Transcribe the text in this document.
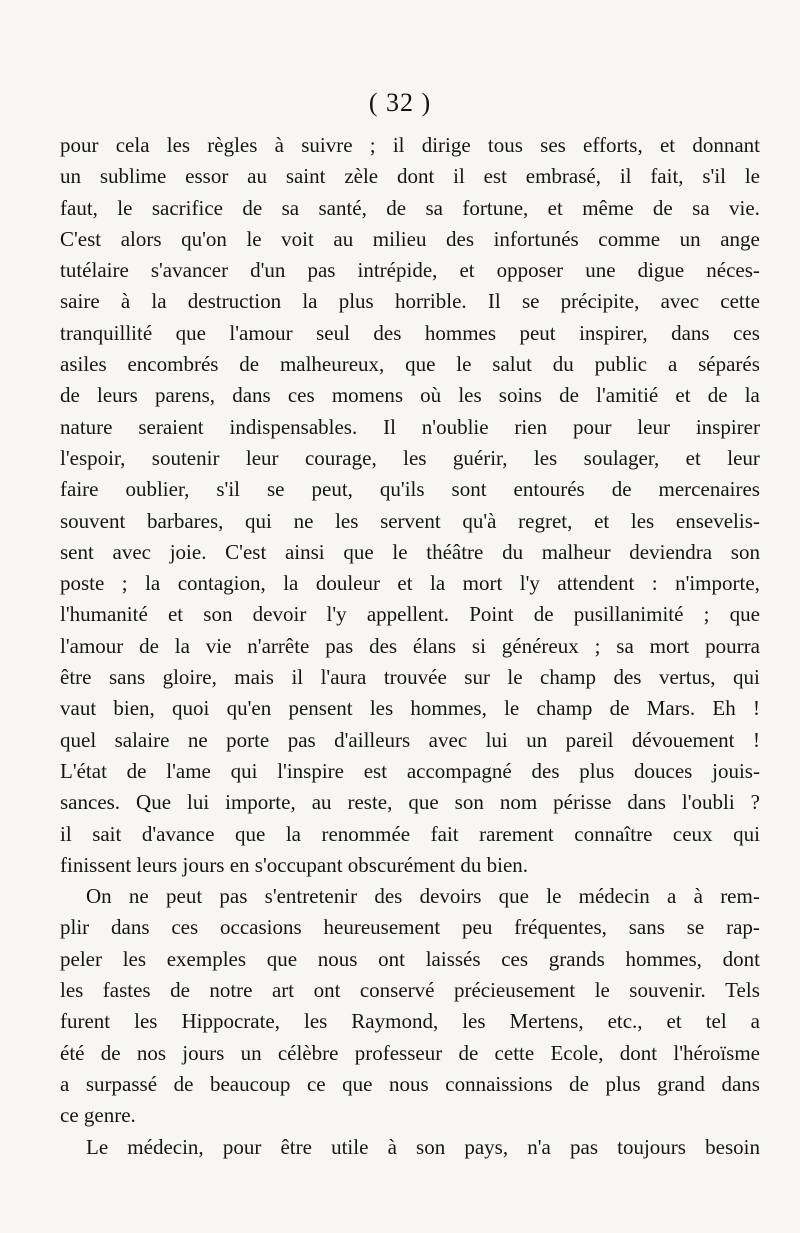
( 32 )
pour cela les règles à suivre ; il dirige tous ses efforts, et donnant
un sublime essor au saint zèle dont il est embrasé, il fait, s'il le
faut, le sacrifice de sa santé, de sa fortune, et même de sa vie.
C'est alors qu'on le voit au milieu des infortunés comme un ange
tutélaire s'avancer d'un pas intrépide, et opposer une digue néces-
saire à la destruction la plus horrible. Il se précipite, avec cette
tranquillité que l'amour seul des hommes peut inspirer, dans ces
asiles encombrés de malheureux, que le salut du public a séparés
de leurs parens, dans ces momens où les soins de l'amitié et de la
nature seraient indispensables. Il n'oublie rien pour leur inspirer
l'espoir, soutenir leur courage, les guérir, les soulager, et leur
faire oublier, s'il se peut, qu'ils sont entourés de mercenaires
souvent barbares, qui ne les servent qu'à regret, et les ensevelis-
sent avec joie. C'est ainsi que le théâtre du malheur deviendra son
poste ; la contagion, la douleur et la mort l'y attendent : n'importe,
l'humanité et son devoir l'y appellent. Point de pusillanimité ; que
l'amour de la vie n'arrête pas des élans si généreux ; sa mort pourra
être sans gloire, mais il l'aura trouvée sur le champ des vertus, qui
vaut bien, quoi qu'en pensent les hommes, le champ de Mars. Eh !
quel salaire ne porte pas d'ailleurs avec lui un pareil dévouement !
L'état de l'ame qui l'inspire est accompagné des plus douces jouis-
sances. Que lui importe, au reste, que son nom périsse dans l'oubli ?
il sait d'avance que la renommée fait rarement connaître ceux qui
finissent leurs jours en s'occupant obscurément du bien.
On ne peut pas s'entretenir des devoirs que le médecin a à rem-
plir dans ces occasions heureusement peu fréquentes, sans se rap-
peler les exemples que nous ont laissés ces grands hommes, dont
les fastes de notre art ont conservé précieusement le souvenir. Tels
furent les Hippocrate, les Raymond, les Mertens, etc., et tel a
été de nos jours un célèbre professeur de cette Ecole, dont l'héroïsme
a surpassé de beaucoup ce que nous connaissions de plus grand dans
ce genre.
Le médecin, pour être utile à son pays, n'a pas toujours besoin
